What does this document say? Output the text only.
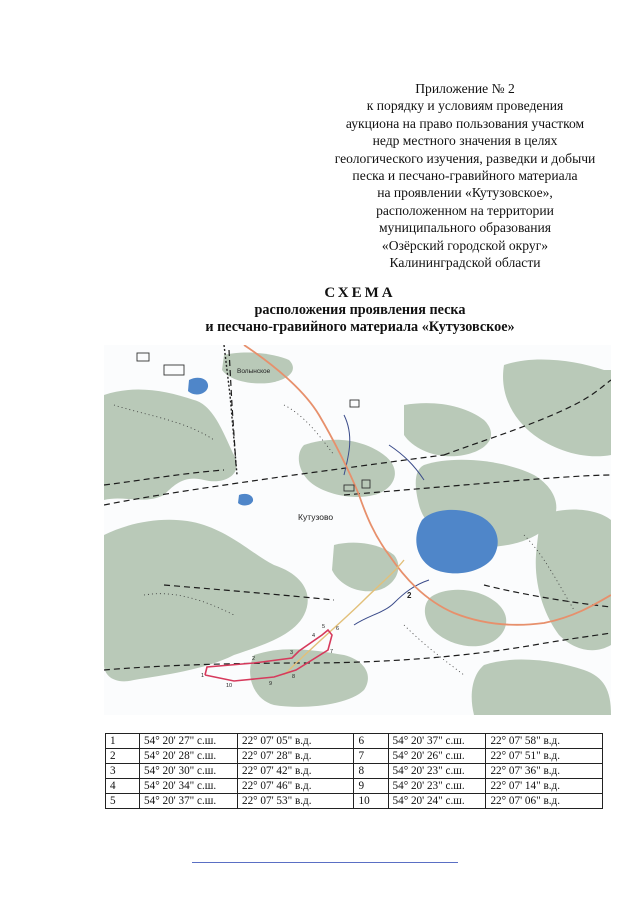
Приложение № 2
к порядку и условиям проведения
аукциона на право пользования участком
недр местного значения в целях
геологического изучения, разведки и добычи
песка и песчано-гравийного материала
на проявлении «Кутузовское»,
расположенном на территории
муниципального образования
«Озёрский городской округ»
Калининградской области
СХЕМА
расположения проявления песка
и песчано-гравийного материала «Кутузовское»
Волынское
Кутузово
2
1
2
3
4
5 6
7
8
9
10
1	54° 20' 27" с.ш.	22° 07' 05" в.д.	6	54° 20' 37" с.ш.	22° 07' 58" в.д.
2	54° 20' 28" с.ш.	22° 07' 28" в.д.	7	54° 20' 26" с.ш.	22° 07' 51" в.д.
3	54° 20' 30" с.ш.	22° 07' 42" в.д.	8	54° 20' 23" с.ш.	22° 07' 36" в.д.
4	54° 20' 34" с.ш.	22° 07' 46" в.д.	9	54° 20' 23" с.ш.	22° 07' 14" в.д.
5	54° 20' 37" с.ш.	22° 07' 53" в.д.	10	54° 20' 24" с.ш.	22° 07' 06" в.д.
